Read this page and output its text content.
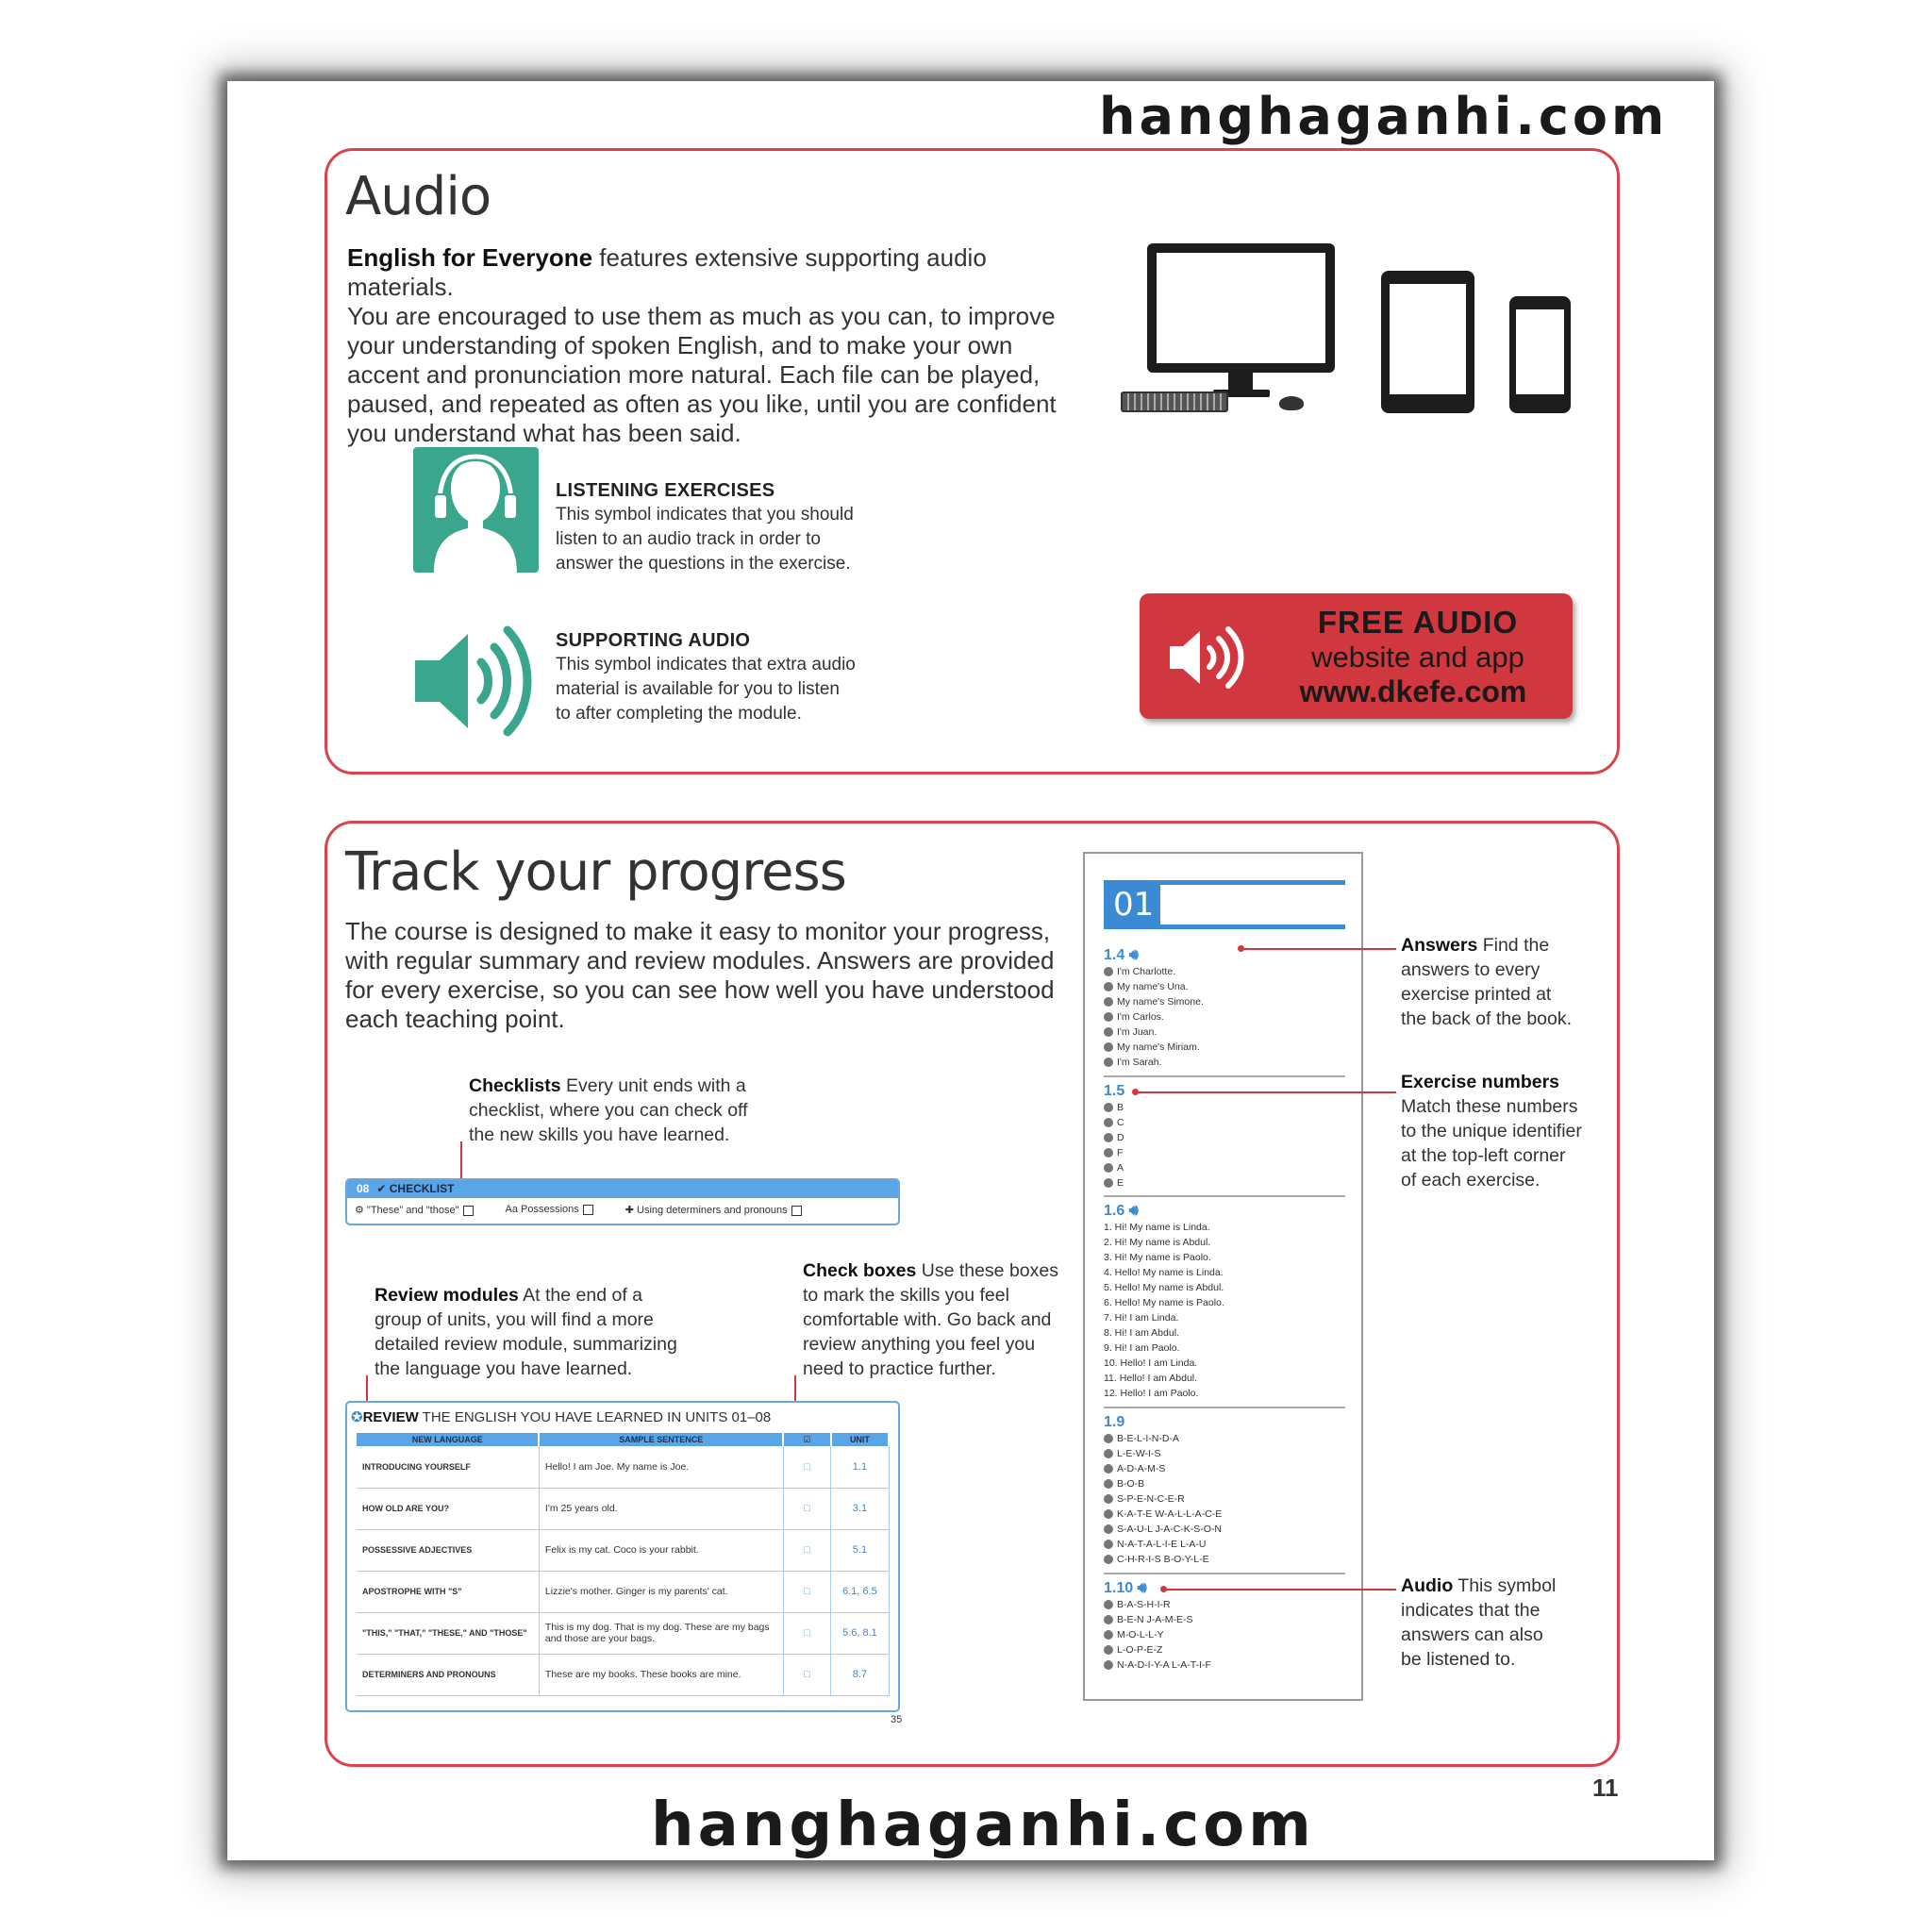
hanghaganhi.com
Audio
English for Everyone features extensive supporting audio materials.
You are encouraged to use them as much as you can, to improve
your understanding of spoken English, and to make your own
accent and pronunciation more natural. Each file can be played,
paused, and repeated as often as you like, until you are confident
you understand what has been said.
LISTENING EXERCISES
This symbol indicates that you should
listen to an audio track in order to
answer the questions in the exercise.
SUPPORTING AUDIO
This symbol indicates that extra audio
material is available for you to listen
to after completing the module.
FREE AUDIO
website and app
www.dkefe.com
Track your progress
The course is designed to make it easy to monitor your progress,
with regular summary and review modules. Answers are provided
for every exercise, so you can see how well you have understood
each teaching point.
Checklists Every unit ends with a
checklist, where you can check off
the new skills you have learned.
08 ✔ CHECKLIST
⚙ "These" and "those"	Aa Possessions	✚ Using determiners and pronouns
Review modules At the end of a
group of units, you will find a more
detailed review module, summarizing
the language you have learned.
Check boxes Use these boxes
to mark the skills you feel
comfortable with. Go back and
review anything you feel you
need to practice further.
✪REVIEW THE ENGLISH YOU HAVE LEARNED IN UNITS 01–08
NEW LANGUAGE	SAMPLE SENTENCE	☑	UNIT
INTRODUCING YOURSELF	Hello! I am Joe. My name is Joe.	□	1.1
HOW OLD ARE YOU?	I'm 25 years old.	□	3.1
POSSESSIVE ADJECTIVES	Felix is my cat. Coco is your rabbit.	□	5.1
APOSTROPHE WITH "S"	Lizzie's mother. Ginger is my parents' cat.	□	6.1, 6.5
"THIS," "THAT," "THESE," AND "THOSE"	This is my dog. That is my dog. These are my bags and those are your bags.	□	5.6, 8.1
DETERMINERS AND PRONOUNS	These are my books. These books are mine.	□	8.7
35
01
1.4 🔊︎
I'm Charlotte.
My name's Una.
My name's Simone.
I'm Carlos.
I'm Juan.
My name's Miriam.
I'm Sarah.
1.5
B
C
D
F
A
E
1.6 🔊︎
1. Hi! My name is Linda.
2. Hi! My name is Abdul.
3. Hi! My name is Paolo.
4. Hello! My name is Linda.
5. Hello! My name is Abdul.
6. Hello! My name is Paolo.
7. Hi! I am Linda.
8. Hi! I am Abdul.
9. Hi! I am Paolo.
10. Hello! I am Linda.
11. Hello! I am Abdul.
12. Hello! I am Paolo.
1.9
B-E-L-I-N-D-A
L-E-W-I-S
A-D-A-M-S
B-O-B
S-P-E-N-C-E-R
K-A-T-E W-A-L-L-A-C-E
S-A-U-L J-A-C-K-S-O-N
N-A-T-A-L-I-E L-A-U
C-H-R-I-S B-O-Y-L-E
1.10 🔊︎
B-A-S-H-I-R
B-E-N J-A-M-E-S
M-O-L-L-Y
L-O-P-E-Z
N-A-D-I-Y-A L-A-T-I-F
Answers Find the
answers to every
exercise printed at
the back of the book.
Exercise numbers
Match these numbers
to the unique identifier
at the top-left corner
of each exercise.
Audio This symbol
indicates that the
answers can also
be listened to.
11
hanghaganhi.com
